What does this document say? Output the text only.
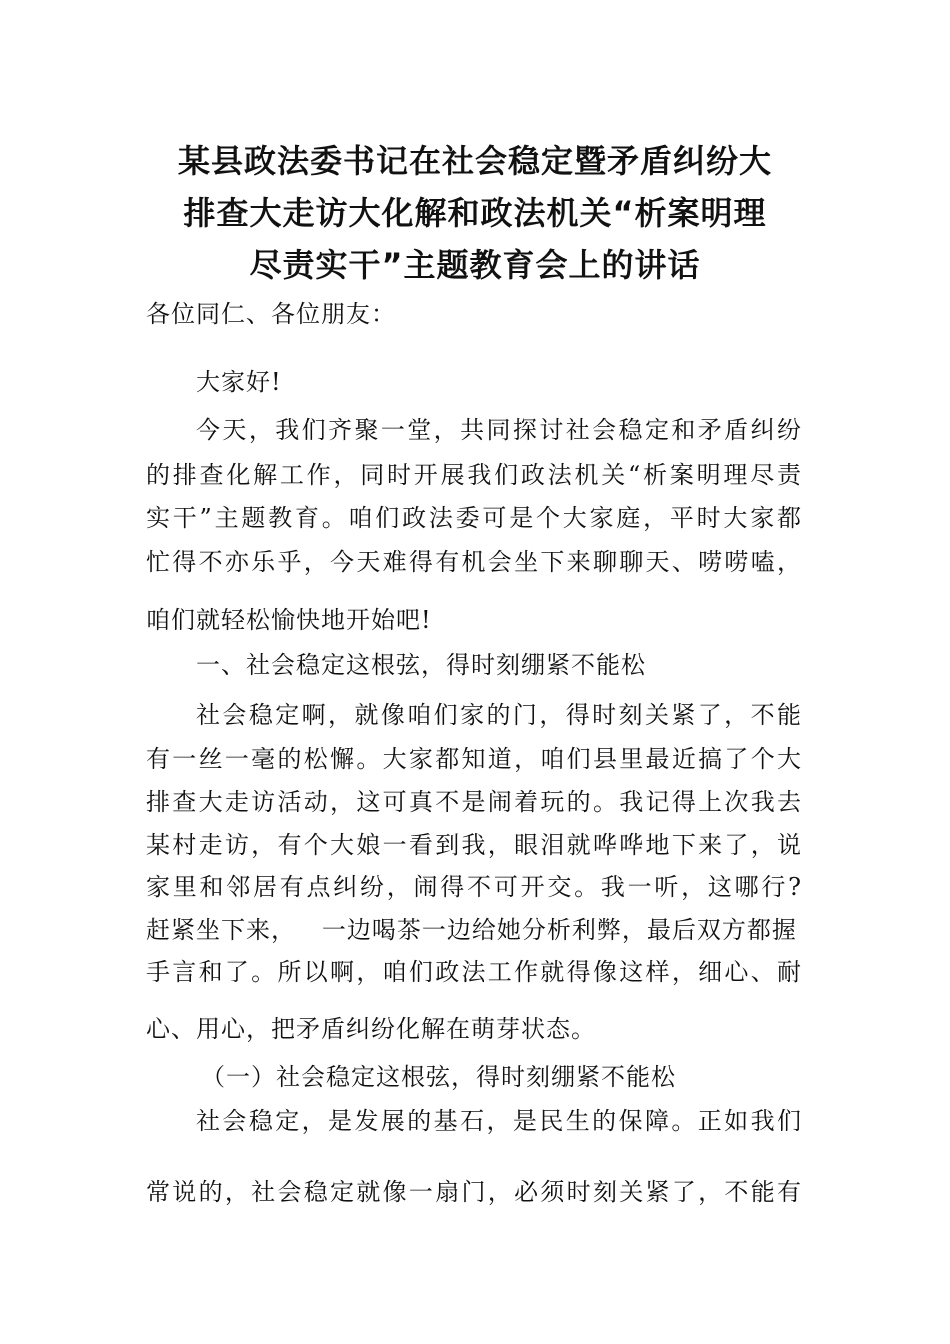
某县政法委书记在社会稳定暨矛盾纠纷大
排查大走访大化解和政法机关“析案明理
尽责实干”主题教育会上的讲话
各位同仁、各位朋友：
大家好!
今天，我们齐聚一堂，共同探讨社会稳定和矛盾纠纷
的排查化解工作，同时开展我们政法机关“析案明理尽责
实干”主题教育。咱们政法委可是个大家庭，平时大家都
忙得不亦乐乎，今天难得有机会坐下来聊聊天、唠唠嗑，
咱们就轻松愉快地开始吧!
一、社会稳定这根弦，得时刻绷紧不能松
社会稳定啊，就像咱们家的门，得时刻关紧了，不能
有一丝一毫的松懈。大家都知道，咱们县里最近搞了个大
排查大走访活动，这可真不是闹着玩的。我记得上次我去
某村走访，有个大娘一看到我，眼泪就哗哗地下来了，说
家里和邻居有点纠纷，闹得不可开交。我一听，这哪行?
赶紧坐下来，   一边喝茶一边给她分析利弊，最后双方都握
手言和了。所以啊，咱们政法工作就得像这样，细心、耐
心、用心，把矛盾纠纷化解在萌芽状态。
（一）社会稳定这根弦，得时刻绷紧不能松
社会稳定，是发展的基石，是民生的保障。正如我们
常说的，社会稳定就像一扇门，必须时刻关紧了，不能有
